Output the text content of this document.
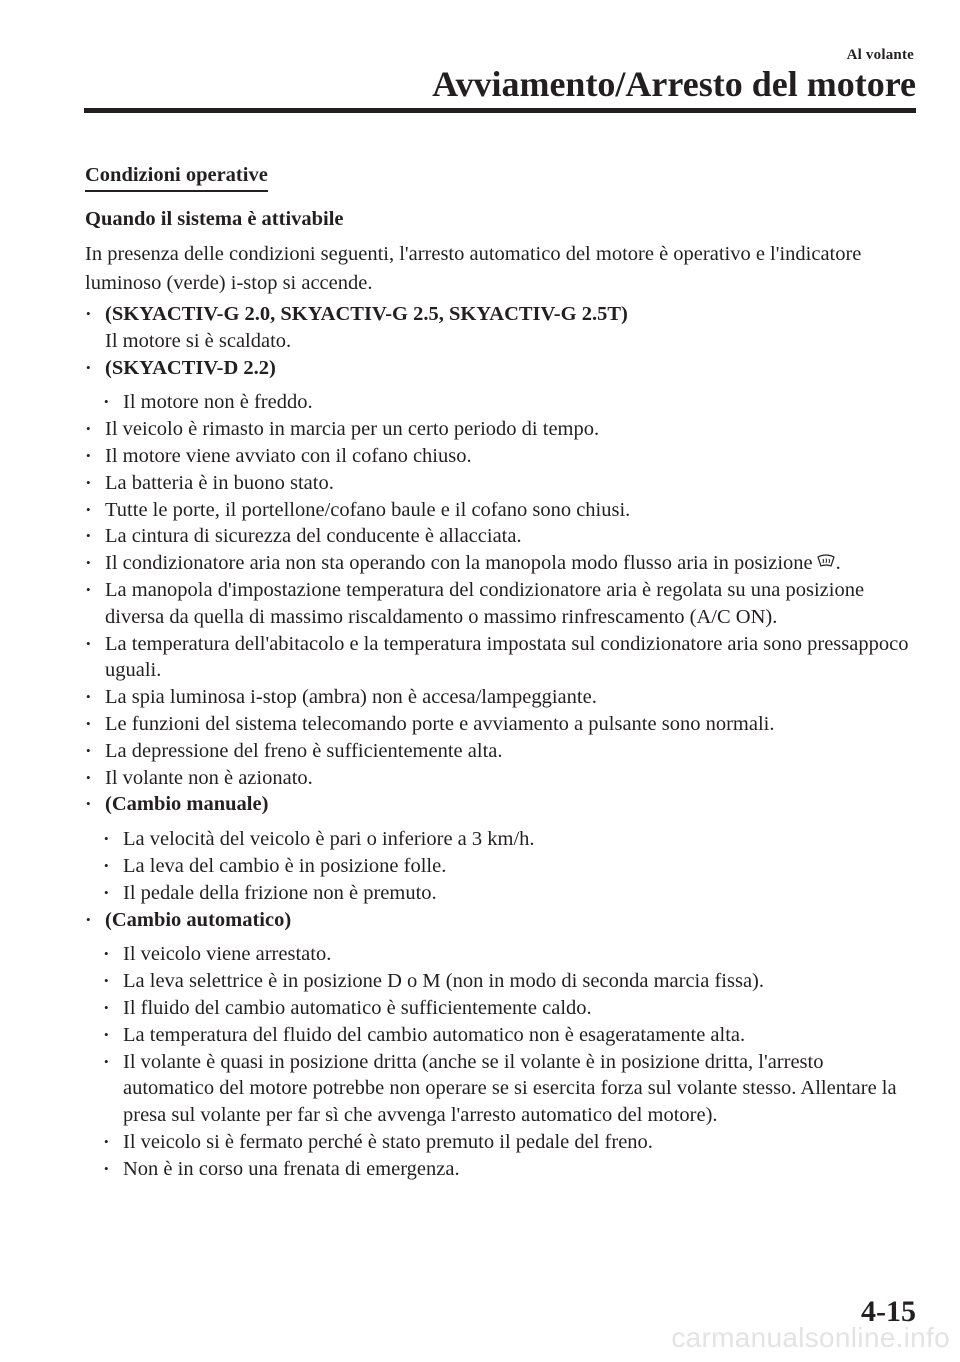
Al volante
Avviamento/Arresto del motore
Condizioni operative
Quando il sistema è attivabile
In presenza delle condizioni seguenti, l'arresto automatico del motore è operativo e l'indicatore luminoso (verde) i-stop si accende.
• (SKYACTIV-G 2.0, SKYACTIV-G 2.5, SKYACTIV-G 2.5T)
Il motore si è scaldato.
• (SKYACTIV-D 2.2)
• Il motore non è freddo.
• Il veicolo è rimasto in marcia per un certo periodo di tempo.
• Il motore viene avviato con il cofano chiuso.
• La batteria è in buono stato.
• Tutte le porte, il portellone/cofano baule e il cofano sono chiusi.
• La cintura di sicurezza del conducente è allacciata.
• Il condizionatore aria non sta operando con la manopola modo flusso aria in posizione .
• La manopola d'impostazione temperatura del condizionatore aria è regolata su una posizione diversa da quella di massimo riscaldamento o massimo rinfrescamento (A/C ON).
• La temperatura dell'abitacolo e la temperatura impostata sul condizionatore aria sono pressappoco uguali.
• La spia luminosa i-stop (ambra) non è accesa/lampeggiante.
• Le funzioni del sistema telecomando porte e avviamento a pulsante sono normali.
• La depressione del freno è sufficientemente alta.
• Il volante non è azionato.
• (Cambio manuale)
• La velocità del veicolo è pari o inferiore a 3 km/h.
• La leva del cambio è in posizione folle.
• Il pedale della frizione non è premuto.
• (Cambio automatico)
• Il veicolo viene arrestato.
• La leva selettrice è in posizione D o M (non in modo di seconda marcia fissa).
• Il fluido del cambio automatico è sufficientemente caldo.
• La temperatura del fluido del cambio automatico non è esageratamente alta.
• Il volante è quasi in posizione dritta (anche se il volante è in posizione dritta, l'arresto automatico del motore potrebbe non operare se si esercita forza sul volante stesso. Allentare la presa sul volante per far sì che avvenga l'arresto automatico del motore).
• Il veicolo si è fermato perché è stato premuto il pedale del freno.
• Non è in corso una frenata di emergenza.
4-15
carmanualsonline.info
